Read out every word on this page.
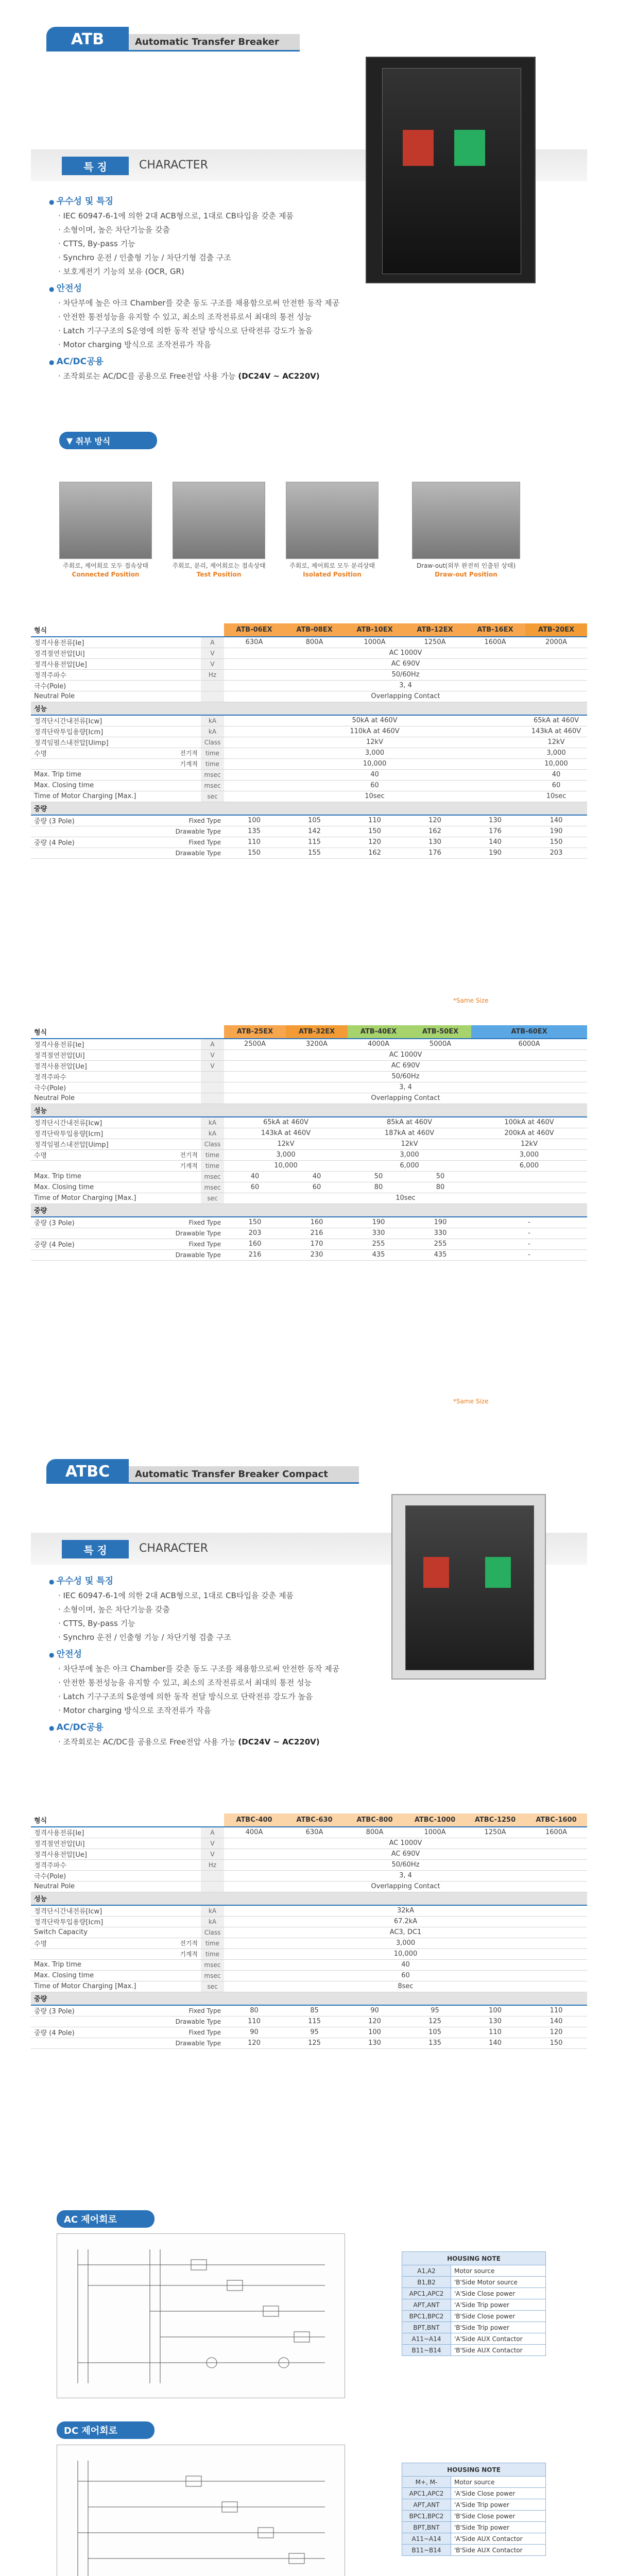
ATB	Automatic Transfer Breaker
특 징	CHARACTER
● 우수성 및 특징
· IEC 60947-6-1에 의한 2대 ACB형으로, 1대로 CB타입을 갖춘 제품
· 소형이며, 높은 차단기능을 갖춤
· CTTS, By-pass 기능
· Synchro 운전 / 인출형 기능 / 차단기형 검출 구조
· 보호계전기 기능의 보유 (OCR, GR)
● 안전성
· 차단부에 높은 아크 Chamber를 갖춘 동도 구조를 채용함으로써 안전한 동작 제공
· 안전한 통전성능을 유지할 수 있고, 최소의 조작전류로서 최대의 통전 성능
· Latch 기구구조의 S운영에 의한 동작 전달 방식으로 단락전류 강도가 높음
· Motor charging 방식으로 조작전류가 작음
● AC/DC공용
· 조작회로는 AC/DC를 공용으로 Free전압 사용 가능 (DC24V ~ AC220V)
▼ 취부 방식
주회로, 제어회로 모두 접속상태
Connected Position
주회로, 분리, 제어회로는 접속상태
Test Position
주회로, 제어회로 모두 분리상태
Isolated Position
Draw-out(외부 완전히 인출된 상태)
Draw-out Position
형식			ATB-06EX	ATB-08EX	ATB-10EX	ATB-12EX	ATB-16EX	ATB-20EX
정격사용전류[Ie]		A	630A	800A	1000A	1250A	1600A	2000A
정격절연전압[Ui]		V	AC 1000V					
정격사용전압[Ue]		V	AC 690V					
정격주파수		Hz	50/60Hz					
극수(Pole)			3, 4					
Neutral Pole			Overlapping Contact					
성능								
정격단시간내전류[Icw]		kA	50kA at 460V					65kA at 460V
정격단락투입용량[Icm]		kA	110kA at 460V					143kA at 460V
정격임펄스내전압[Uimp]		Class	12kV					12kV
수명	전기적	time	3,000					3,000
	기계적	time	10,000					10,000
Max. Trip time		msec	40					40
Max. Closing time		msec	60					60
Time of Motor Charging [Max.]		sec	10sec					10sec
중량								
중량 (3 Pole)	Fixed Type		100	105	110	120	130	140
	Drawable Type		135	142	150	162	176	190
중량 (4 Pole)	Fixed Type		110	115	120	130	140	150
	Drawable Type		150	155	162	176	190	203
*Same Size
형식			ATB-25EX	ATB-32EX	ATB-40EX	ATB-50EX	ATB-60EX
정격사용전류[Ie]		A	2500A	3200A	4000A	5000A	6000A
정격절연전압[Ui]		V	AC 1000V				
정격사용전압[Ue]		V	AC 690V				
정격주파수			50/60Hz				
극수(Pole)			3, 4				
Neutral Pole			Overlapping Contact				
성능							
정격단시간내전류[Icw]		kA	65kA at 460V		85kA at 460V		100kA at 460V
정격단락투입용량[Icm]		kA	143kA at 460V		187kA at 460V		200kA at 460V
정격임펄스내전압[Uimp]		Class	12kV		12kV		12kV
수명	전기적	time	3,000		3,000		3,000
	기계적	time	10,000		6,000		6,000
Max. Trip time		msec	40	40	50	50	
Max. Closing time		msec	60	60	80	80	
Time of Motor Charging [Max.]		sec	10sec				
중량							
중량 (3 Pole)	Fixed Type		150	160	190	190	-
	Drawable Type		203	216	330	330	-
중량 (4 Pole)	Fixed Type		160	170	255	255	-
	Drawable Type		216	230	435	435	-
*Same Size
ATBC	Automatic Transfer Breaker Compact
특 징	CHARACTER
● 우수성 및 특징
· IEC 60947-6-1에 의한 2대 ACB형으로, 1대로 CB타입을 갖춘 제품
· 소형이며, 높은 차단기능을 갖춤
· CTTS, By-pass 기능
· Synchro 운전 / 인출형 기능 / 차단기형 검출 구조
● 안전성
· 차단부에 높은 아크 Chamber를 갖춘 동도 구조를 채용함으로써 안전한 동작 제공
· 안전한 통전성능을 유지할 수 있고, 최소의 조작전류로서 최대의 통전 성능
· Latch 기구구조의 S운영에 의한 동작 전달 방식으로 단락전류 강도가 높음
· Motor charging 방식으로 조작전류가 작음
● AC/DC공용
· 조작회로는 AC/DC를 공용으로 Free전압 사용 가능 (DC24V ~ AC220V)
형식			ATBC-400	ATBC-630	ATBC-800	ATBC-1000	ATBC-1250	ATBC-1600
정격사용전류[Ie]		A	400A	630A	800A	1000A	1250A	1600A
정격절연전압[Ui]		V	AC 1000V					
정격사용전압[Ue]		V	AC 690V					
정격주파수		Hz	50/60Hz					
극수(Pole)			3, 4					
Neutral Pole			Overlapping Contact					
성능								
정격단시간내전류[Icw]		kA	32kA					
정격단락투입용량[Icm]		kA	67.2kA					
Switch Capacity		Class	AC3, DC1					
수명	전기적	time	3,000					
	기계적	time	10,000					
Max. Trip time		msec	40					
Max. Closing time		msec	60					
Time of Motor Charging [Max.]		sec	8sec					
중량								
중량 (3 Pole)	Fixed Type		80	85	90	95	100	110
	Drawable Type		110	115	120	125	130	140
중량 (4 Pole)	Fixed Type		90	95	100	105	110	120
	Drawable Type		120	125	130	135	140	150
AC 제어회로
HOUSING NOTE	
A1,A2	Motor source
B1,B2	'B'Side Motor source
APC1,APC2	'A'Side Close power
APT,ANT	'A'Side Trip power
BPC1,BPC2	'B'Side Close power
BPT,BNT	'B'Side Trip power
A11~A14	'A'Side AUX Contactor
B11~B14	'B'Side AUX Contactor
DC 제어회로
HOUSING NOTE	
M+, M-	Motor source
APC1,APC2	'A'Side Close power
APT,ANT	'A'Side Trip power
BPC1,BPC2	'B'Side Close power
BPT,BNT	'B'Side Trip power
A11~A14	'A'Side AUX Contactor
B11~B14	'B'Side AUX Contactor
